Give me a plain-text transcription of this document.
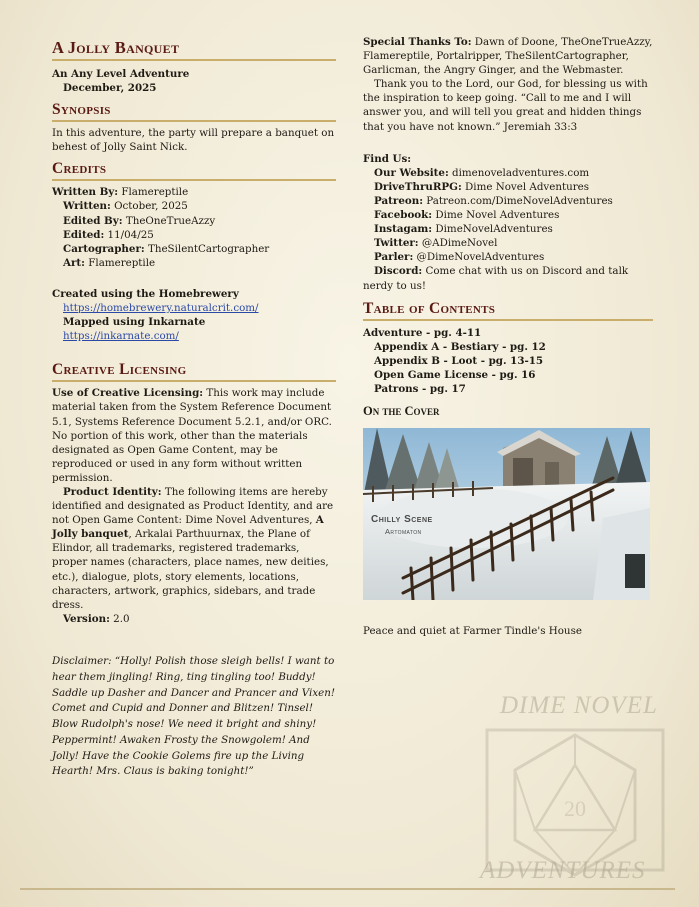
A Jolly Banquet

An Any Level Adventure

December, 2025

Synopsis

In this adventure, the party will prepare a banquet on behest of Jolly Saint Nick.

Credits

Written By: Flamereptile

Written: October, 2025

Edited By: TheOneTrueAzzy

Edited: 11/04/25

Cartographer: TheSilentCartographer

Art: Flamereptile

Created using the Homebrewery

https://homebrewery.naturalcrit.com/

Mapped using Inkarnate

https://inkarnate.com/

Creative Licensing

Use of Creative Licensing: This work may include material taken from the System Reference Document 5.1, Systems Reference Document 5.2.1, and/or ORC. No portion of this work, other than the materials designated as Open Game Content, may be reproduced or used in any form without written permission.

Product Identity: The following items are hereby identified and designated as Product Identity, and are not Open Game Content: Dime Novel Adventures, A Jolly banquet, Arkalai Parthuurnax, the Plane of Elindor, all trademarks, registered trademarks, proper names (characters, place names, new deities, etc.), dialogue, plots, story elements, locations, characters, artwork, graphics, sidebars, and trade dress.

Version: 2.0

Disclaimer: “Holly! Polish those sleigh bells! I want to hear them jingling! Ring, ting tingling too! Buddy! Saddle up Dasher and Dancer and Prancer and Vixen! Comet and Cupid and Donner and Blitzen! Tinsel! Blow Rudolph's nose! We need it bright and shiny! Peppermint! Awaken Frosty the Snowgolem! And Jolly! Have the Cookie Golems fire up the Living Hearth! Mrs. Claus is baking tonight!”

Special Thanks To: Dawn of Doone, TheOneTrueAzzy, Flamereptile, Portalripper, TheSilentCartographer, Garlicman, the Angry Ginger, and the Webmaster.

Thank you to the Lord, our God, for blessing us with the inspiration to keep going. “Call to me and I will answer you, and will tell you great and hidden things that you have not known.” Jeremiah 33:3

Find Us:

Our Website: dimenoveladventures.com

DriveThruRPG: Dime Novel Adventures

Patreon: Patreon.com/DimeNovelAdventures

Facebook: Dime Novel Adventures

Instagam: DimeNovelAdventures

Twitter: @ADimeNovel

Parler: @DimeNovelAdventures

Discord: Come chat with us on Discord and talk nerdy to us!

Table of Contents

Adventure - pg. 4-11

Appendix A - Bestiary - pg. 12

Appendix B - Loot - pg. 13-15

Open Game License - pg. 16

Patrons - pg. 17

On the Cover
Chilly Scene
Artomaton

Peace and quiet at Farmer Tindle's House

DIME NOVEL
20
ADVENTURES
